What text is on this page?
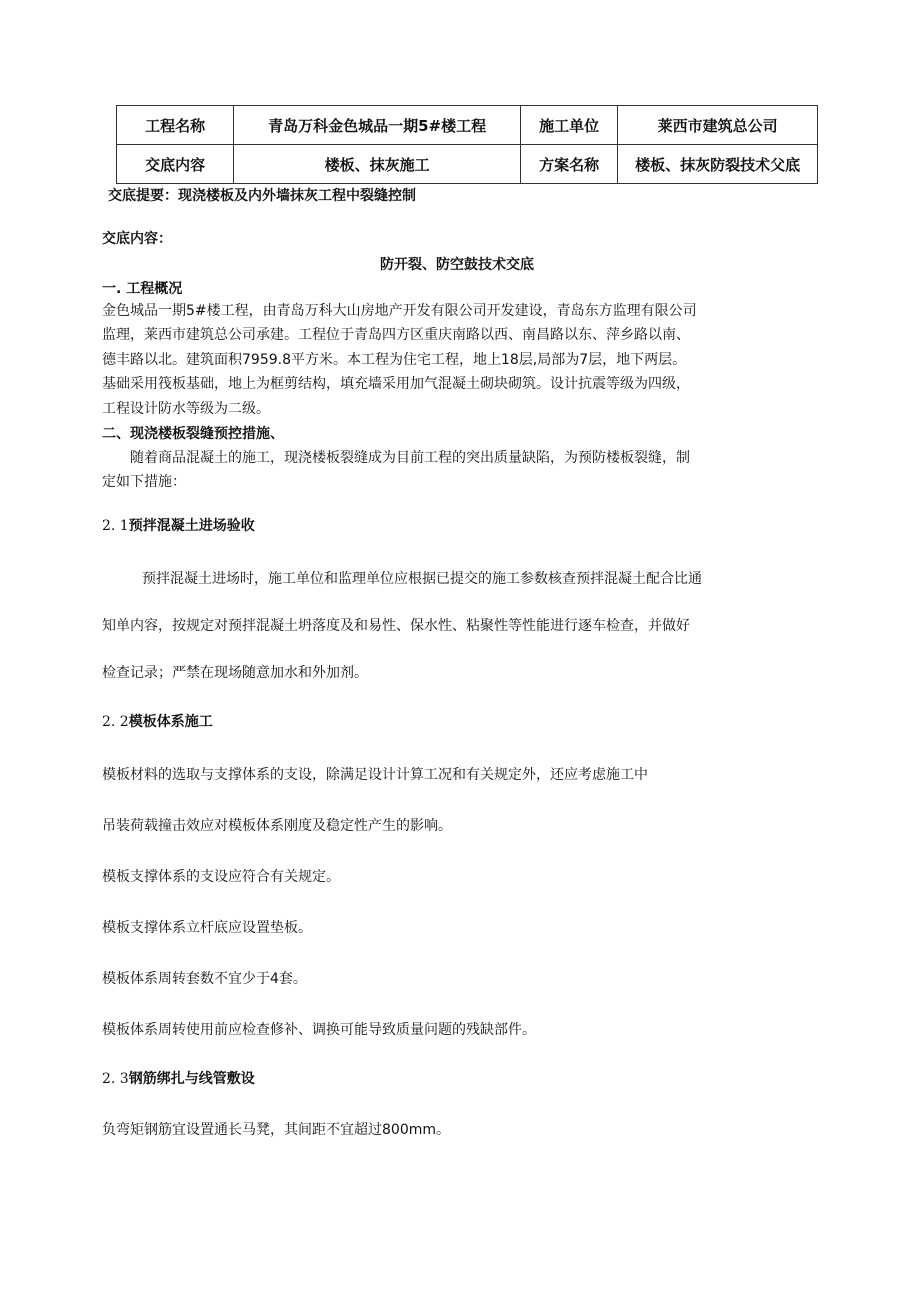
工程名称	青岛万科金色城品一期5#楼工程	施工单位	莱西市建筑总公司
交底内容	楼板、抹灰施工	方案名称	楼板、抹灰防裂技术父底
交底提要：现浇楼板及内外墙抹灰工程中裂缝控制
交底内容：
防开裂、防空鼓技术交底
一. 工程概况
金色城品一期5#楼工程，由青岛万科大山房地产开发有限公司开发建设，青岛东方监理有限公司
监理，莱西市建筑总公司承建。工程位于青岛四方区重庆南路以西、南昌路以东、萍乡路以南、
德丰路以北。建筑面积7959.8平方米。本工程为住宅工程，地上18层,局部为7层，地下两层。
基础采用筏板基础，地上为框剪结构，填充墙采用加气混凝土砌块砌筑。设计抗震等级为四级，
工程设计防水等级为二级。
二、现浇楼板裂缝预控措施、
随着商品混凝土的施工，现浇楼板裂缝成为目前工程的突出质量缺陷，为预防楼板裂缝，制
定如下措施：
2. 1预拌混凝土进场验收
预拌混凝土进场时，施工单位和监理单位应根据已提交的施工参数核查预拌混凝土配合比通
知单内容，按规定对预拌混凝土坍落度及和易性、保水性、粘聚性等性能进行逐车检查，并做好
检查记录；严禁在现场随意加水和外加剂。
2. 2模板体系施工
模板材料的选取与支撑体系的支设，除满足设计计算工况和有关规定外，还应考虑施工中
吊装荷载撞击效应对模板体系刚度及稳定性产生的影响。
模板支撑体系的支设应符合有关规定。
模板支撑体系立杆底应设置垫板。
模板体系周转套数不宜少于4套。
模板体系周转使用前应检查修补、调换可能导致质量问题的残缺部件。
2. 3钢筋绑扎与线管敷设
负弯矩钢筋宜设置通长马凳，其间距不宜超过800mm。
